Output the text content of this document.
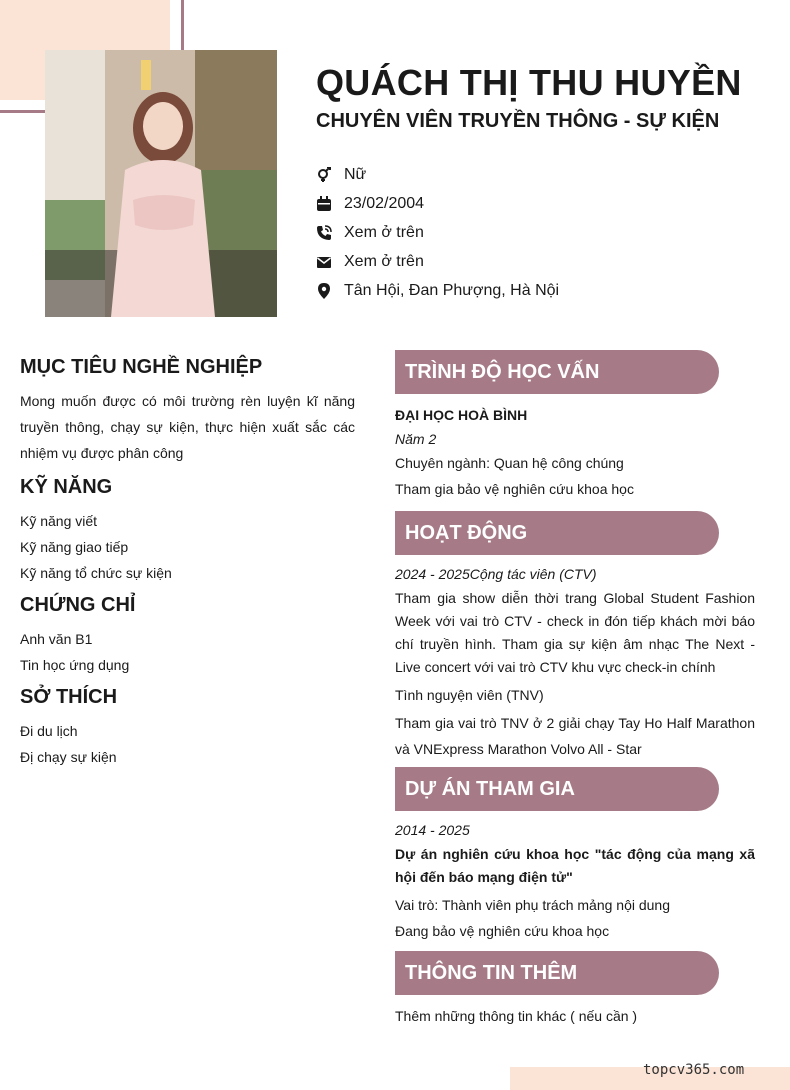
QUÁCH THỊ THU HUYỀN
CHUYÊN VIÊN TRUYỀN THÔNG - SỰ KIỆN
Nữ
23/02/2004
Xem ở trên
Xem ở trên
Tân Hội, Đan Phượng, Hà Nội
MỤC TIÊU NGHỀ NGHIỆP
Mong muốn được có môi trường rèn luyện kĩ năng truyền thông, chạy sự kiện, thực hiện xuất sắc các nhiệm vụ được phân công
KỸ NĂNG
Kỹ năng viết
Kỹ năng giao tiếp
Kỹ năng tổ chức sự kiện
CHỨNG CHỈ
Anh văn B1
Tin học ứng dụng
SỞ THÍCH
Đi du lịch
Đị chạy sự kiện
TRÌNH ĐỘ HỌC VẤN
ĐẠI HỌC HOÀ BÌNH
Năm 2
Chuyên ngành: Quan hệ công chúng
Tham gia bảo vệ nghiên cứu khoa học
HOẠT ĐỘNG
2024 - 2025Cộng tác viên (CTV)
Tham gia show diễn thời trang Global Student Fashion Week với vai trò CTV - check in đón tiếp khách mời báo chí truyền hình. Tham gia sự kiện âm nhạc The Next - Live concert với vai trò CTV khu vực check-in chính
Tình nguyện viên (TNV)
Tham gia vai trò TNV ở 2 giải chạy Tay Ho Half Marathon và VNExpress Marathon Volvo All - Star
DỰ ÁN THAM GIA
2014 - 2025
Dự án nghiên cứu khoa học "tác động của mạng xã hội đến báo mạng điện tử"
Vai trò: Thành viên phụ trách mảng nội dung
Đang bảo vệ nghiên cứu khoa học
THÔNG TIN THÊM
Thêm những thông tin khác ( nếu cần )
topcv365.com
